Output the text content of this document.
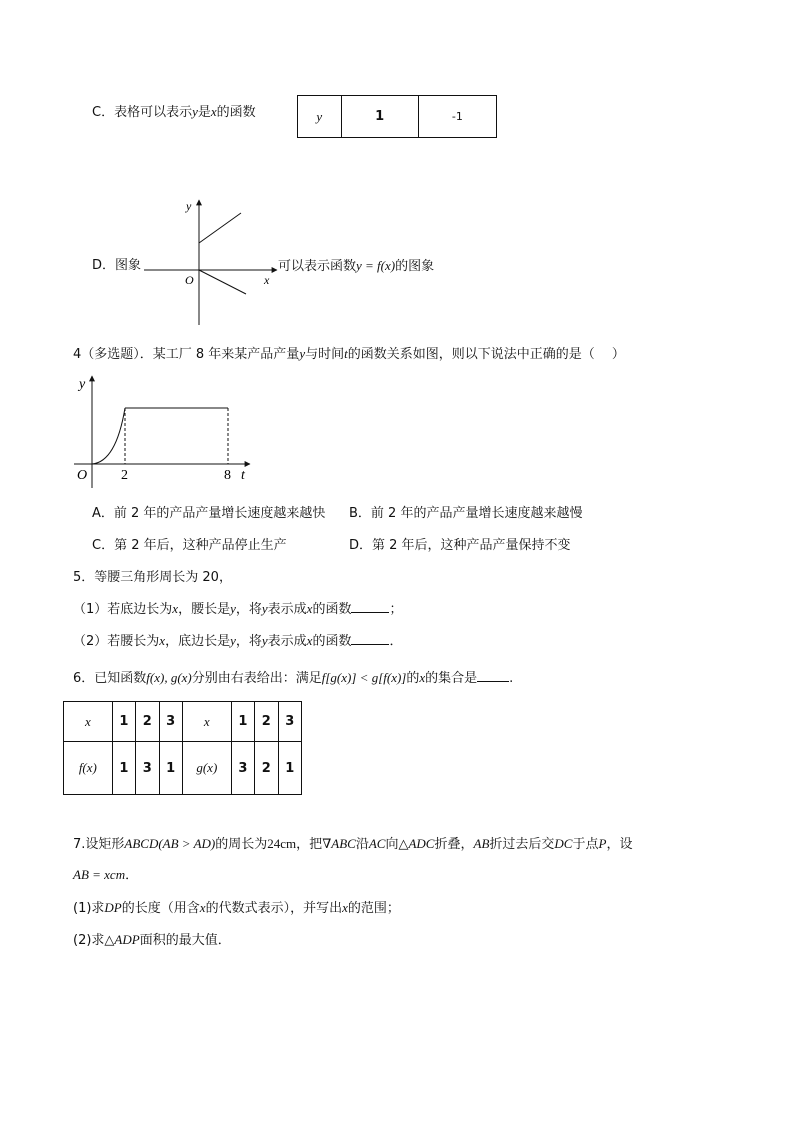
C．表格可以表示y是x的函数	y	1	-1
D．图象
y
x
O
可以表示函数y = f(x)的图象
4（多选题）．某工厂 8 年来某产品产量y与时间t的函数关系如图，则以下说法中正确的是（　 ）
y
O 2	8 t
A．前 2 年的产品产量增长速度越来越快 B．前 2 年的产品产量增长速度越来越慢
C．第 2 年后，这种产品停止生产	D．第 2 年后，这种产品产量保持不变
5．等腰三角形周长为 20，
（1）若底边长为x，腰长是y，将y表示成x的函数	；
（2）若腰长为x，底边长是y，将y表示成x的函数	．
6．已知函数f(x), g(x)分别由右表给出：满足f[g(x)] < g[f(x)]的x的集合是 .
x	1	2	3	x	1	2	3
f(x)	1	3	1	g(x)	3	2	1
7.设矩形ABCD(AB > AD)的周长为24cm，把∇ABC沿AC向△ADC折叠，AB折过去后交DC于点P，设
AB = xcm．
(1)求DP的长度（用含x的代数式表示），并写出x的范围；
(2)求△ADP面积的最大值．
